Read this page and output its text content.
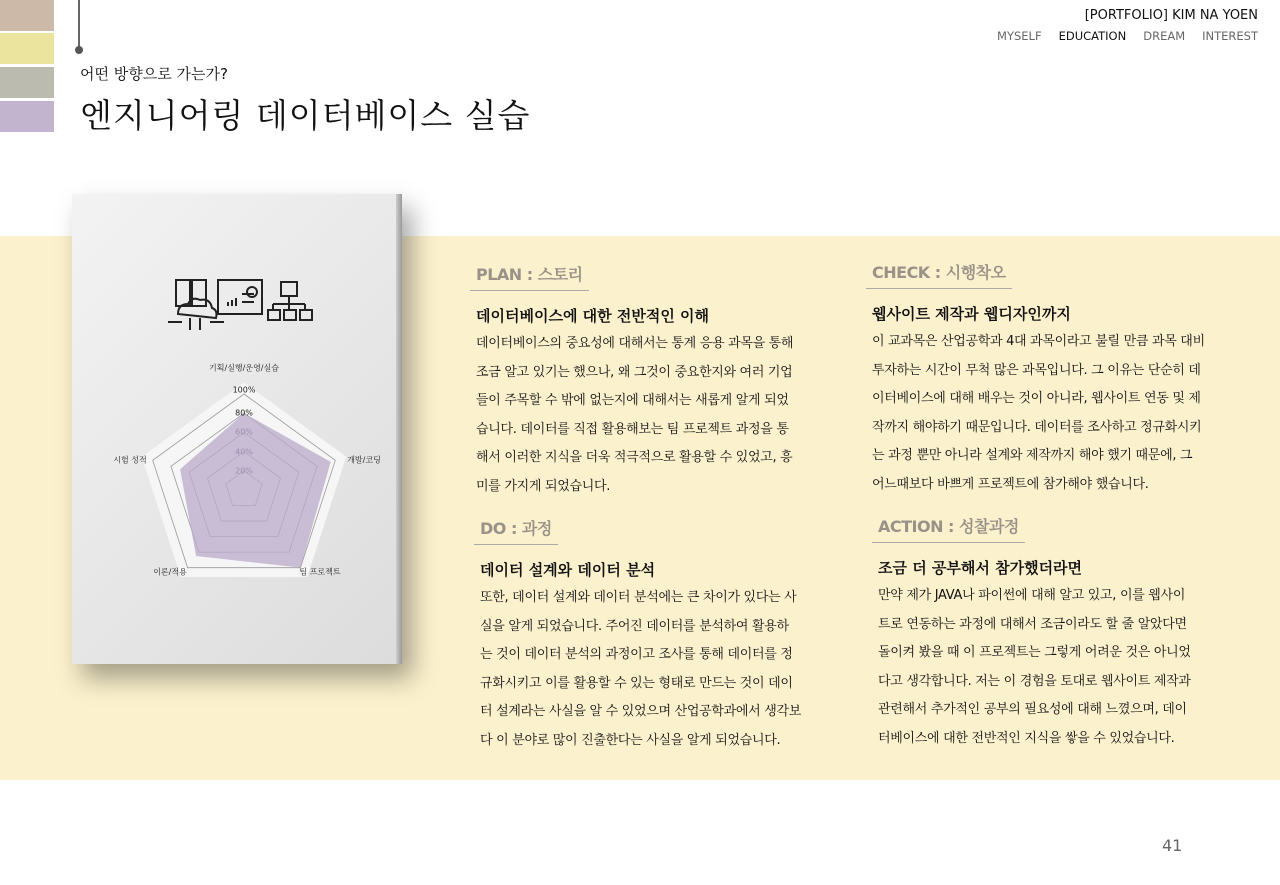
어떤 방향으로 가는가?
엔지니어링 데이터베이스 실습
[PORTFOLIO] KIM NA YOEN
MYSELF EDUCATION DREAM INTEREST
20%
40%
60%
80%
100%
기획/실행/운영/실습
개발/코딩
팀 프로젝트
이론/적용
시험 성적
PLAN : 스토리
데이터베이스에 대한 전반적인 이해

데이터베이스의 중요성에 대해서는 통계 응용 과목을 통해

조금 알고 있기는 했으나, 왜 그것이 중요한지와 여러 기업

들이 주목할 수 밖에 없는지에 대해서는 새롭게 알게 되었

습니다. 데이터를 직접 활용해보는 팀 프로젝트 과정을 통

해서 이러한 지식을 더욱 적극적으로 활용할 수 있었고, 흥

미를 가지게 되었습니다.

CHECK : 시행착오
웹사이트 제작과 웹디자인까지

이 교과목은 산업공학과 4대 과목이라고 불릴 만큼 과목 대비

투자하는 시간이 무척 많은 과목입니다. 그 이유는 단순히 데

이터베이스에 대해 배우는 것이 아니라, 웹사이트 연동 및 제

작까지 해야하기 때문입니다. 데이터를 조사하고 정규화시키

는 과정 뿐만 아니라 설계와 제작까지 해야 했기 때문에, 그

어느때보다 바쁘게 프로젝트에 참가해야 했습니다.

DO : 과정
데이터 설계와 데이터 분석

또한, 데이터 설계와 데이터 분석에는 큰 차이가 있다는 사

실을 알게 되었습니다. 주어진 데이터를 분석하여 활용하

는 것이 데이터 분석의 과정이고 조사를 통해 데이터를 정

규화시키고 이를 활용할 수 있는 형태로 만드는 것이 데이

터 설계라는 사실을 알 수 있었으며 산업공학과에서 생각보

다 이 분야로 많이 진출한다는 사실을 알게 되었습니다.

ACTION : 성찰과정
조금 더 공부해서 참가했더라면

만약 제가 JAVA나 파이썬에 대해 알고 있고, 이를 웹사이

트로 연동하는 과정에 대해서 조금이라도 할 줄 알았다면

돌이켜 봤을 때 이 프로젝트는 그렇게 어려운 것은 아니었

다고 생각합니다. 저는 이 경험을 토대로 웹사이트 제작과

관련해서 추가적인 공부의 필요성에 대해 느꼈으며, 데이

터베이스에 대한 전반적인 지식을 쌓을 수 있었습니다.

41
